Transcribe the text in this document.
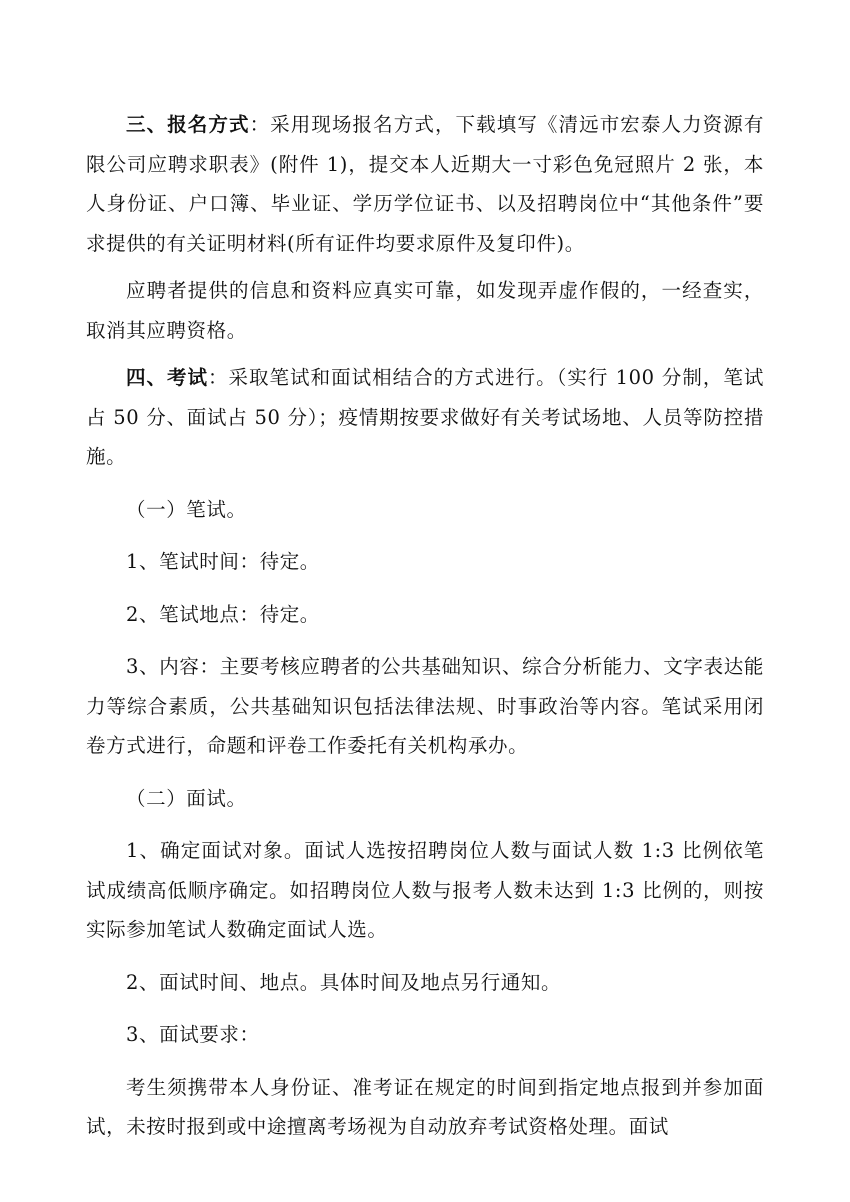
三、报名方式：采用现场报名方式，下载填写《清远市宏泰人力资源有限公司应聘求职表》(附件 1)，提交本人近期大一寸彩色免冠照片 2 张，本人身份证、户口簿、毕业证、学历学位证书、以及招聘岗位中“其他条件”要求提供的有关证明材料(所有证件均要求原件及复印件)。

应聘者提供的信息和资料应真实可靠，如发现弄虚作假的，一经查实，取消其应聘资格。

四、考试：采取笔试和面试相结合的方式进行。（实行 100 分制，笔试占 50 分、面试占 50 分）；疫情期按要求做好有关考试场地、人员等防控措施。

（一）笔试。

1、笔试时间：待定。

2、笔试地点：待定。

3、内容：主要考核应聘者的公共基础知识、综合分析能力、文字表达能力等综合素质，公共基础知识包括法律法规、时事政治等内容。笔试采用闭卷方式进行，命题和评卷工作委托有关机构承办。

（二）面试。

1、确定面试对象。面试人选按招聘岗位人数与面试人数 1:3 比例依笔试成绩高低顺序确定。如招聘岗位人数与报考人数未达到 1:3 比例的，则按实际参加笔试人数确定面试人选。

2、面试时间、地点。具体时间及地点另行通知。

3、面试要求：

考生须携带本人身份证、准考证在规定的时间到指定地点报到并参加面试，未按时报到或中途擅离考场视为自动放弃考试资格处理。面试
